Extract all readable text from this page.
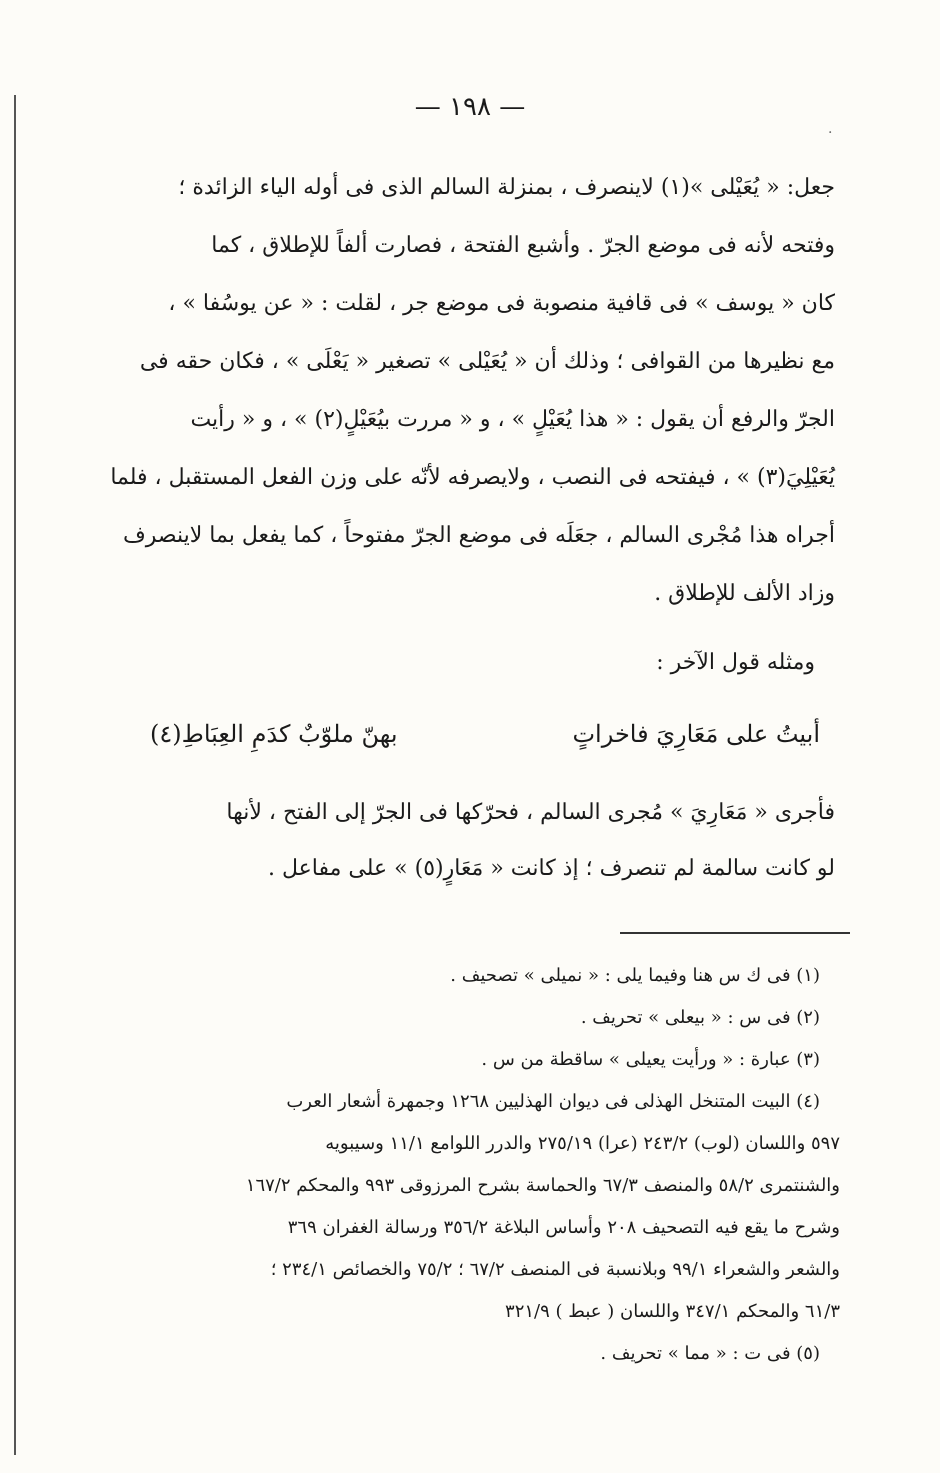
·
— ١٩٨ —
جعل: « يُعَيْلى »(١) لاينصرف ، بمنزلة السالم الذى فى أوله الياء الزائدة ؛
وفتحه لأنه فى موضع الجرّ . وأشبع الفتحة ، فصارت ألفاً للإطلاق ، كما
كان « يوسف » فى قافية منصوبة فى موضع جر ، لقلت : « عن يوسُفا » ،
مع نظيرها من القوافى ؛ وذلك أن « يُعَيْلى » تصغير « يَعْلَى » ، فكان حقه فى
الجرّ والرفع أن يقول : « هذا يُعَيْلٍ » ، و « مررت بيُعَيْلٍ(٢) » ، و « رأيت
يُعَيْلِيَ(٣) » ، فيفتحه فى النصب ، ولايصرفه لأنّه على وزن الفعل المستقبل ، فلما
أجراه هذا مُجْرى السالم ، جعَلَه فى موضع الجرّ مفتوحاً ، كما يفعل بما لاينصرف
وزاد الألف للإطلاق .
ومثله قول الآخر :
أبيتُ على مَعَارِيَ فاخراتٍ
بهنّ ملوّبٌ كدَمِ العِبَاطِ(٤)
فأجرى « مَعَارِيَ » مُجرى السالم ، فحرّكها فى الجرّ إلى الفتح ، لأنها
لو كانت سالمة لم تنصرف ؛ إذ كانت « مَعَارٍ(٥) » على مفاعل .
(١) فى ك س هنا وفيما يلى : « نميلى » تصحيف .
(٢) فى س : « بيعلى » تحريف .
(٣) عبارة : « ورأيت يعيلى » ساقطة من س .
(٤) البيت المتنخل الهذلى فى ديوان الهذليين ١٢٦٨ وجمهرة أشعار العرب
٥٩٧ واللسان (لوب) ٢٤٣/٢ (عرا) ٢٧٥/١٩ والدرر اللوامع ١١/١ وسيبويه
والشنتمرى ٥٨/٢ والمنصف ٦٧/٣ والحماسة بشرح المرزوقى ٩٩٣ والمحكم ١٦٧/٢
وشرح ما يقع فيه التصحيف ٢٠٨ وأساس البلاغة ٣٥٦/٢ ورسالة الغفران ٣٦٩
والشعر والشعراء ٩٩/١ وبلانسبة فى المنصف ٦٧/٢ ؛ ٧٥/٢ والخصائص ٢٣٤/١ ؛
٦١/٣ والمحكم ٣٤٧/١ واللسان ( عبط ) ٣٢١/٩
(٥) فى ت : « مما » تحريف .
